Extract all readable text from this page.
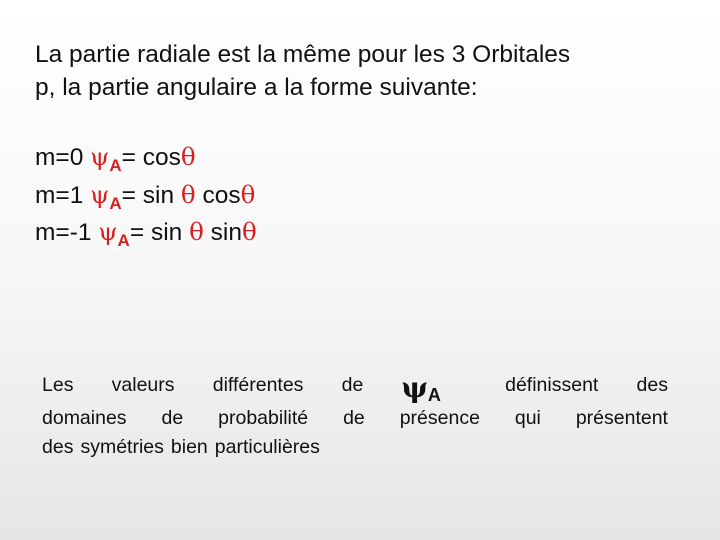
La partie radiale est la même pour les 3 Orbitales
p, la partie angulaire a la forme suivante:
m=0 $\psi_A= \cos\theta$
m=1 $\psi_A= \sin \theta$ cosθ
m=-1 $\psi_A= \sin \theta$ sinθ
Les valeurs différentes de ψA	définissent des
domaines de probabilité de présence qui présentent
des symétries bien particulières
